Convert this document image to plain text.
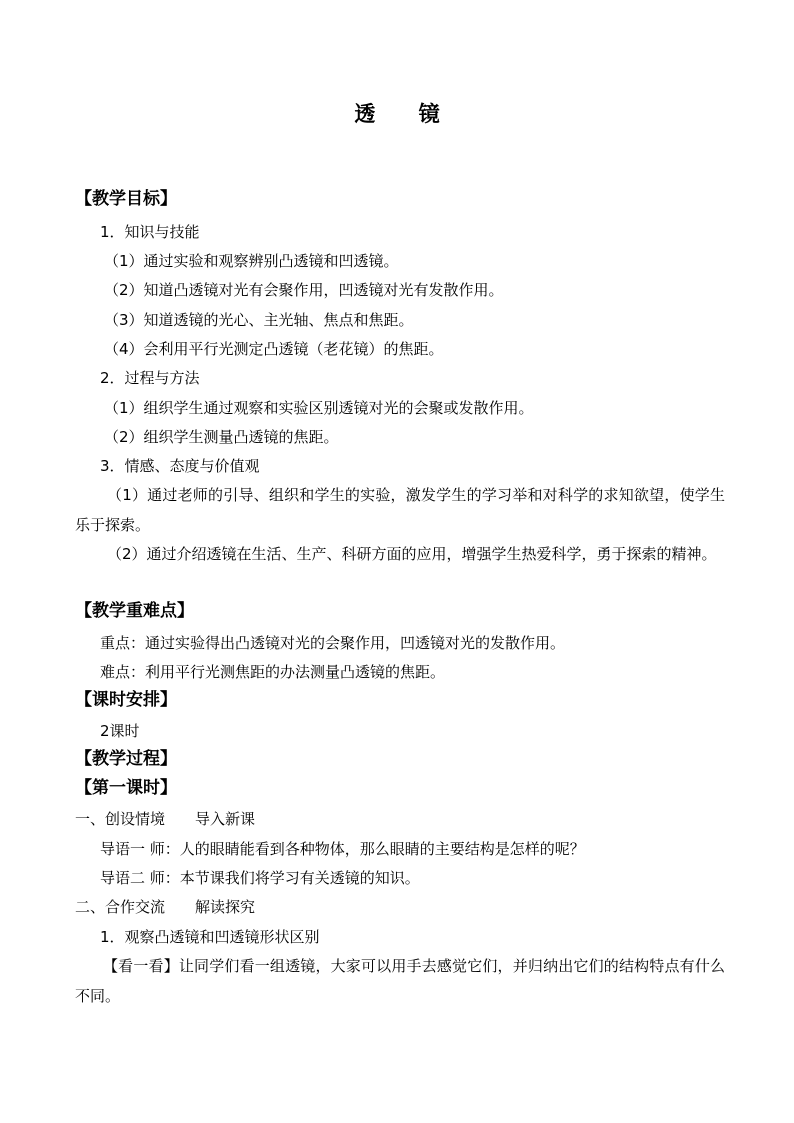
透 镜
【教学目标】
1．知识与技能
（1）通过实验和观察辨别凸透镜和凹透镜。
（2）知道凸透镜对光有会聚作用，凹透镜对光有发散作用。
（3）知道透镜的光心、主光轴、焦点和焦距。
（4）会利用平行光测定凸透镜（老花镜）的焦距。
2．过程与方法
（1）组织学生通过观察和实验区别透镜对光的会聚或发散作用。
（2）组织学生测量凸透镜的焦距。
3．情感、态度与价值观
（1）通过老师的引导、组织和学生的实验，激发学生的学习举和对科学的求知欲望，使学生乐于探索。
（2）通过介绍透镜在生活、生产、科研方面的应用，增强学生热爱科学，勇于探索的精神。
【教学重难点】
重点：通过实验得出凸透镜对光的会聚作用，凹透镜对光的发散作用。
难点：利用平行光测焦距的办法测量凸透镜的焦距。
【课时安排】
2课时
【教学过程】
【第一课时】
一、创设情境　　导入新课
导语一 师：人的眼睛能看到各种物体，那么眼睛的主要结构是怎样的呢？
导语二 师：本节课我们将学习有关透镜的知识。
二、合作交流　　解读探究
1．观察凸透镜和凹透镜形状区别
【看一看】让同学们看一组透镜，大家可以用手去感觉它们，并归纳出它们的结构特点有什么不同。
